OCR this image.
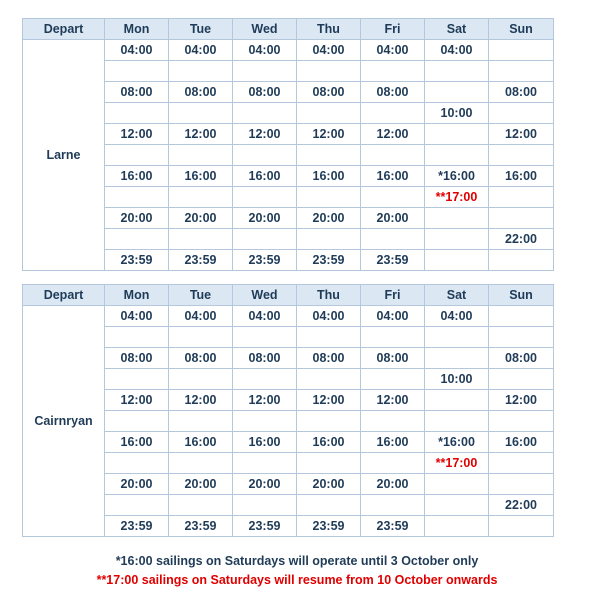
Depart	Mon	Tue	Wed	Thu	Fri	Sat	Sun
Larne	04:00	04:00	04:00	04:00	04:00	04:00	

	08:00	08:00	08:00	08:00	08:00		08:00
						10:00	
	12:00	12:00	12:00	12:00	12:00		12:00

	16:00	16:00	16:00	16:00	16:00	*16:00	16:00
						**17:00	
	20:00	20:00	20:00	20:00	20:00		
							22:00
	23:59	23:59	23:59	23:59	23:59		
Depart	Mon	Tue	Wed	Thu	Fri	Sat	Sun
Cairnryan	04:00	04:00	04:00	04:00	04:00	04:00	

	08:00	08:00	08:00	08:00	08:00		08:00
						10:00	
	12:00	12:00	12:00	12:00	12:00		12:00

	16:00	16:00	16:00	16:00	16:00	*16:00	16:00
						**17:00	
	20:00	20:00	20:00	20:00	20:00		
							22:00
	23:59	23:59	23:59	23:59	23:59		
*16:00 sailings on Saturdays will operate until 3 October only
**17:00 sailings on Saturdays will resume from 10 October onwards
